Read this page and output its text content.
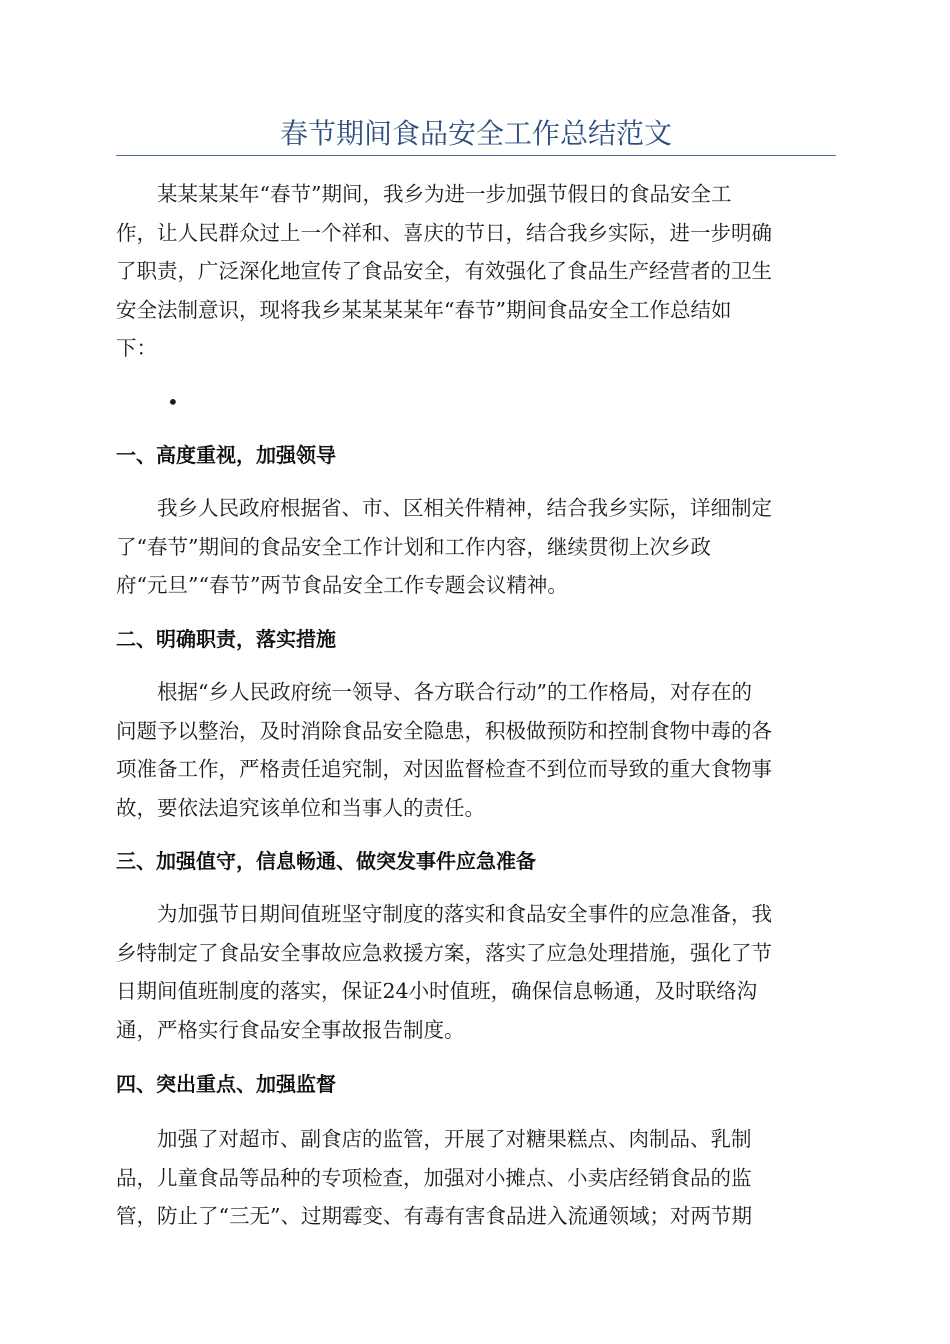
春节期间食品安全工作总结范文
某某某某年“春节”期间，我乡为进一步加强节假日的食品安全工
作，让人民群众过上一个祥和、喜庆的节日，结合我乡实际，进一步明确
了职责，广泛深化地宣传了食品安全，有效强化了食品生产经营者的卫生
安全法制意识，现将我乡某某某某年“春节”期间食品安全工作总结如
下：
•
一、高度重视，加强领导
我乡人民政府根据省、市、区相关件精神，结合我乡实际，详细制定
了“春节”期间的食品安全工作计划和工作内容，继续贯彻上次乡政
府“元旦”“春节”两节食品安全工作专题会议精神。
二、明确职责，落实措施
根据“乡人民政府统一领导、各方联合行动”的工作格局，对存在的
问题予以整治，及时消除食品安全隐患，积极做预防和控制食物中毒的各
项准备工作，严格责任追究制，对因监督检查不到位而导致的重大食物事
故，要依法追究该单位和当事人的责任。
三、加强值守，信息畅通、做突发事件应急准备
为加强节日期间值班坚守制度的落实和食品安全事件的应急准备，我
乡特制定了食品安全事故应急救援方案，落实了应急处理措施，强化了节
日期间值班制度的落实，保证24小时值班，确保信息畅通，及时联络沟
通，严格实行食品安全事故报告制度。
四、突出重点、加强监督
加强了对超市、副食店的监管，开展了对糖果糕点、肉制品、乳制
品，儿童食品等品种的专项检查，加强对小摊点、小卖店经销食品的监
管，防止了“三无”、过期霉变、有毒有害食品进入流通领域；对两节期
